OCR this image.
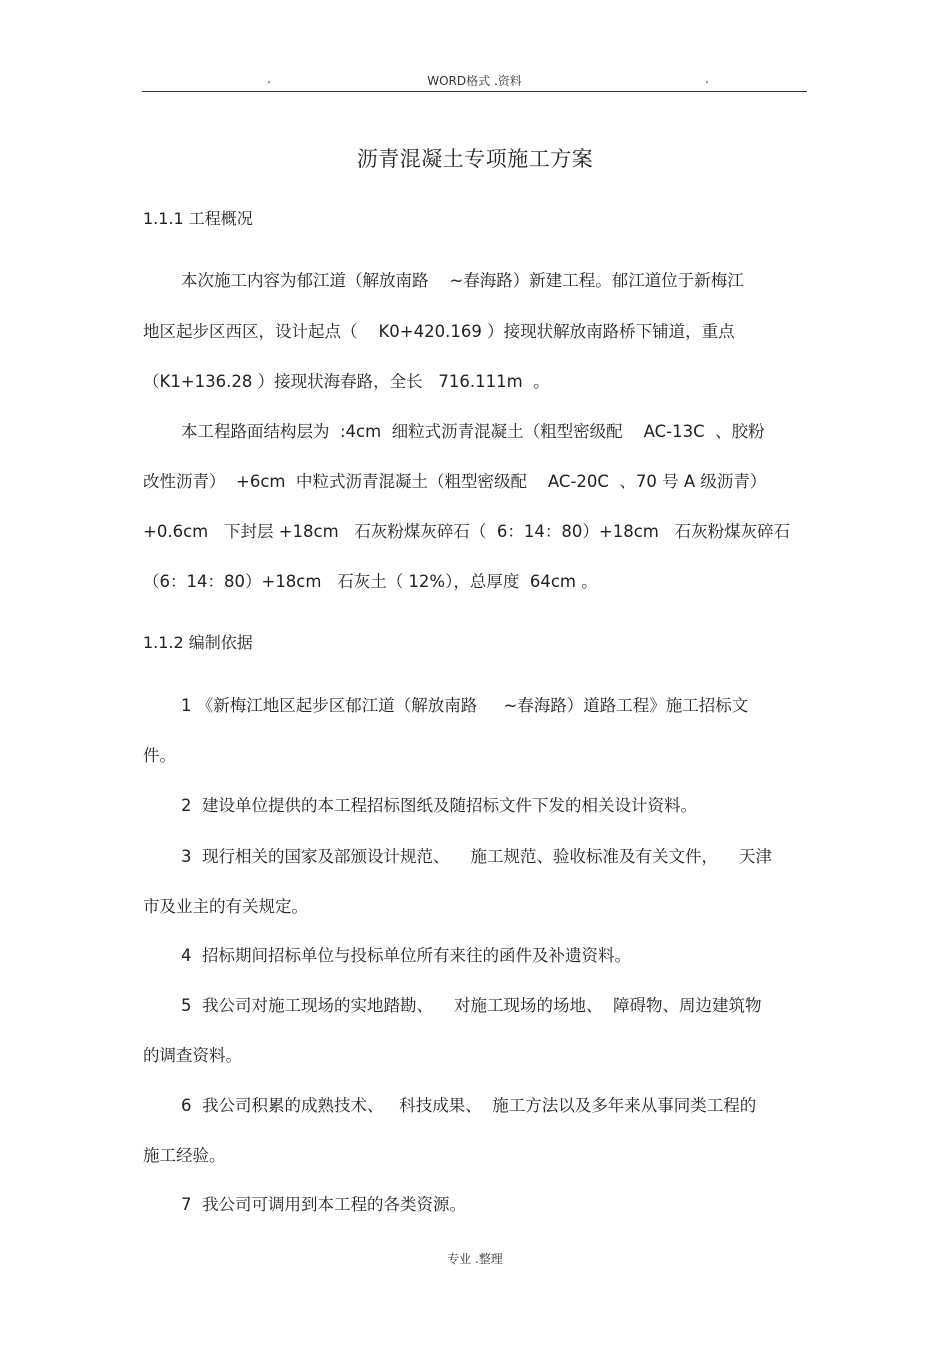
.	WORD格式 .资料	.
沥青混凝土专项施工方案
1.1.1 工程概况
本次施工内容为郁江道（解放南路    ~春海路）新建工程。郁江道位于新梅江
地区起步区西区，设计起点（    K0+420.169 ）接现状解放南路桥下铺道，重点
（K1+136.28 ）接现状海春路，全长   716.111m  。
本工程路面结构层为  :4cm  细粒式沥青混凝土（粗型密级配    AC-13C  、胶粉
改性沥青）  +6cm  中粒式沥青混凝土（粗型密级配    AC-20C  、70 号 A 级沥青）
+0.6cm   下封层 +18cm   石灰粉煤灰碎石（  6：14：80）+18cm   石灰粉煤灰碎石
（6：14：80）+18cm   石灰土（ 12%），总厚度  64cm 。
1.1.2 编制依据
1 《新梅江地区起步区郁江道（解放南路     ~春海路）道路工程》施工招标文
件。
2  建设单位提供的本工程招标图纸及随招标文件下发的相关设计资料。
3  现行相关的国家及部颁设计规范、    施工规范、验收标准及有关文件，    天津
市及业主的有关规定。
4  招标期间招标单位与投标单位所有来往的函件及补遗资料。
5  我公司对施工现场的实地踏勘、    对施工现场的场地、  障碍物、周边建筑物
的调查资料。
6  我公司积累的成熟技术、   科技成果、  施工方法以及多年来从事同类工程的
施工经验。
7  我公司可调用到本工程的各类资源。
专业 .整理
